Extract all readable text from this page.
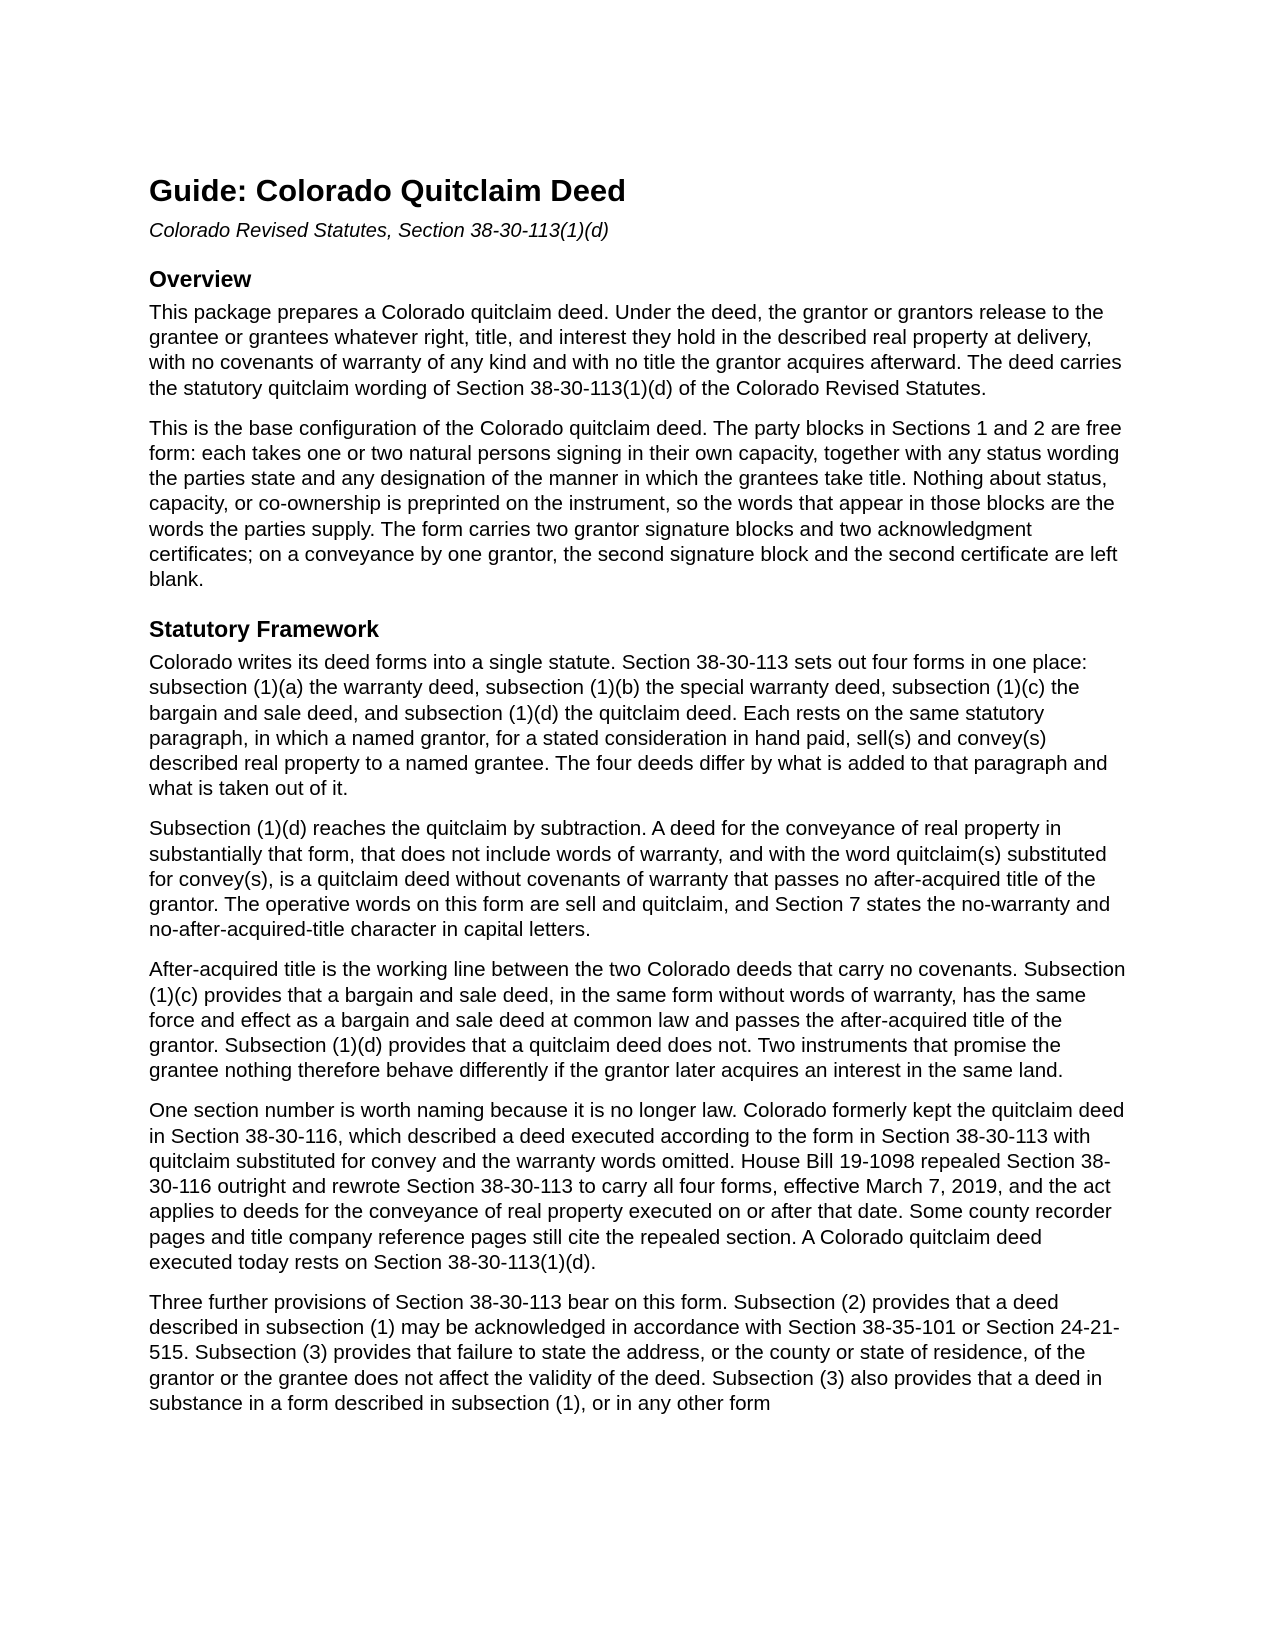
Guide: Colorado Quitclaim Deed

Colorado Revised Statutes, Section 38-30-113(1)(d)

Overview

This package prepares a Colorado quitclaim deed. Under the deed, the grantor or grantors release to the grantee or grantees whatever right, title, and interest they hold in the described real property at delivery, with no covenants of warranty of any kind and with no title the grantor acquires afterward. The deed carries the statutory quitclaim wording of Section 38-30-113(1)(d) of the Colorado Revised Statutes.

This is the base configuration of the Colorado quitclaim deed. The party blocks in Sections 1 and 2 are free form: each takes one or two natural persons signing in their own capacity, together with any status wording the parties state and any designation of the manner in which the grantees take title. Nothing about status, capacity, or co-ownership is preprinted on the instrument, so the words that appear in those blocks are the words the parties supply. The form carries two grantor signature blocks and two acknowledgment certificates; on a conveyance by one grantor, the second signature block and the second certificate are left blank.

Statutory Framework

Colorado writes its deed forms into a single statute. Section 38-30-113 sets out four forms in one place: subsection (1)(a) the warranty deed, subsection (1)(b) the special warranty deed, subsection (1)(c) the bargain and sale deed, and subsection (1)(d) the quitclaim deed. Each rests on the same statutory paragraph, in which a named grantor, for a stated consideration in hand paid, sell(s) and convey(s) described real property to a named grantee. The four deeds differ by what is added to that paragraph and what is taken out of it.

Subsection (1)(d) reaches the quitclaim by subtraction. A deed for the conveyance of real property in substantially that form, that does not include words of warranty, and with the word quitclaim(s) substituted for convey(s), is a quitclaim deed without covenants of warranty that passes no after-acquired title of the grantor. The operative words on this form are sell and quitclaim, and Section 7 states the no-warranty and no-after-acquired-title character in capital letters.

After-acquired title is the working line between the two Colorado deeds that carry no covenants. Subsection (1)(c) provides that a bargain and sale deed, in the same form without words of warranty, has the same force and effect as a bargain and sale deed at common law and passes the after-acquired title of the grantor. Subsection (1)(d) provides that a quitclaim deed does not. Two instruments that promise the grantee nothing therefore behave differently if the grantor later acquires an interest in the same land.

One section number is worth naming because it is no longer law. Colorado formerly kept the quitclaim deed in Section 38-30-116, which described a deed executed according to the form in Section 38-30-113 with quitclaim substituted for convey and the warranty words omitted. House Bill 19-1098 repealed Section 38-30-116 outright and rewrote Section 38-30-113 to carry all four forms, effective March 7, 2019, and the act applies to deeds for the conveyance of real property executed on or after that date. Some county recorder pages and title company reference pages still cite the repealed section. A Colorado quitclaim deed executed today rests on Section 38-30-113(1)(d).

Three further provisions of Section 38-30-113 bear on this form. Subsection (2) provides that a deed described in subsection (1) may be acknowledged in accordance with Section 38-35-101 or Section 24-21-515. Subsection (3) provides that failure to state the address, or the county or state of residence, of the grantor or the grantee does not affect the validity of the deed. Subsection (3) also provides that a deed in substance in a form described in subsection (1), or in any other form
